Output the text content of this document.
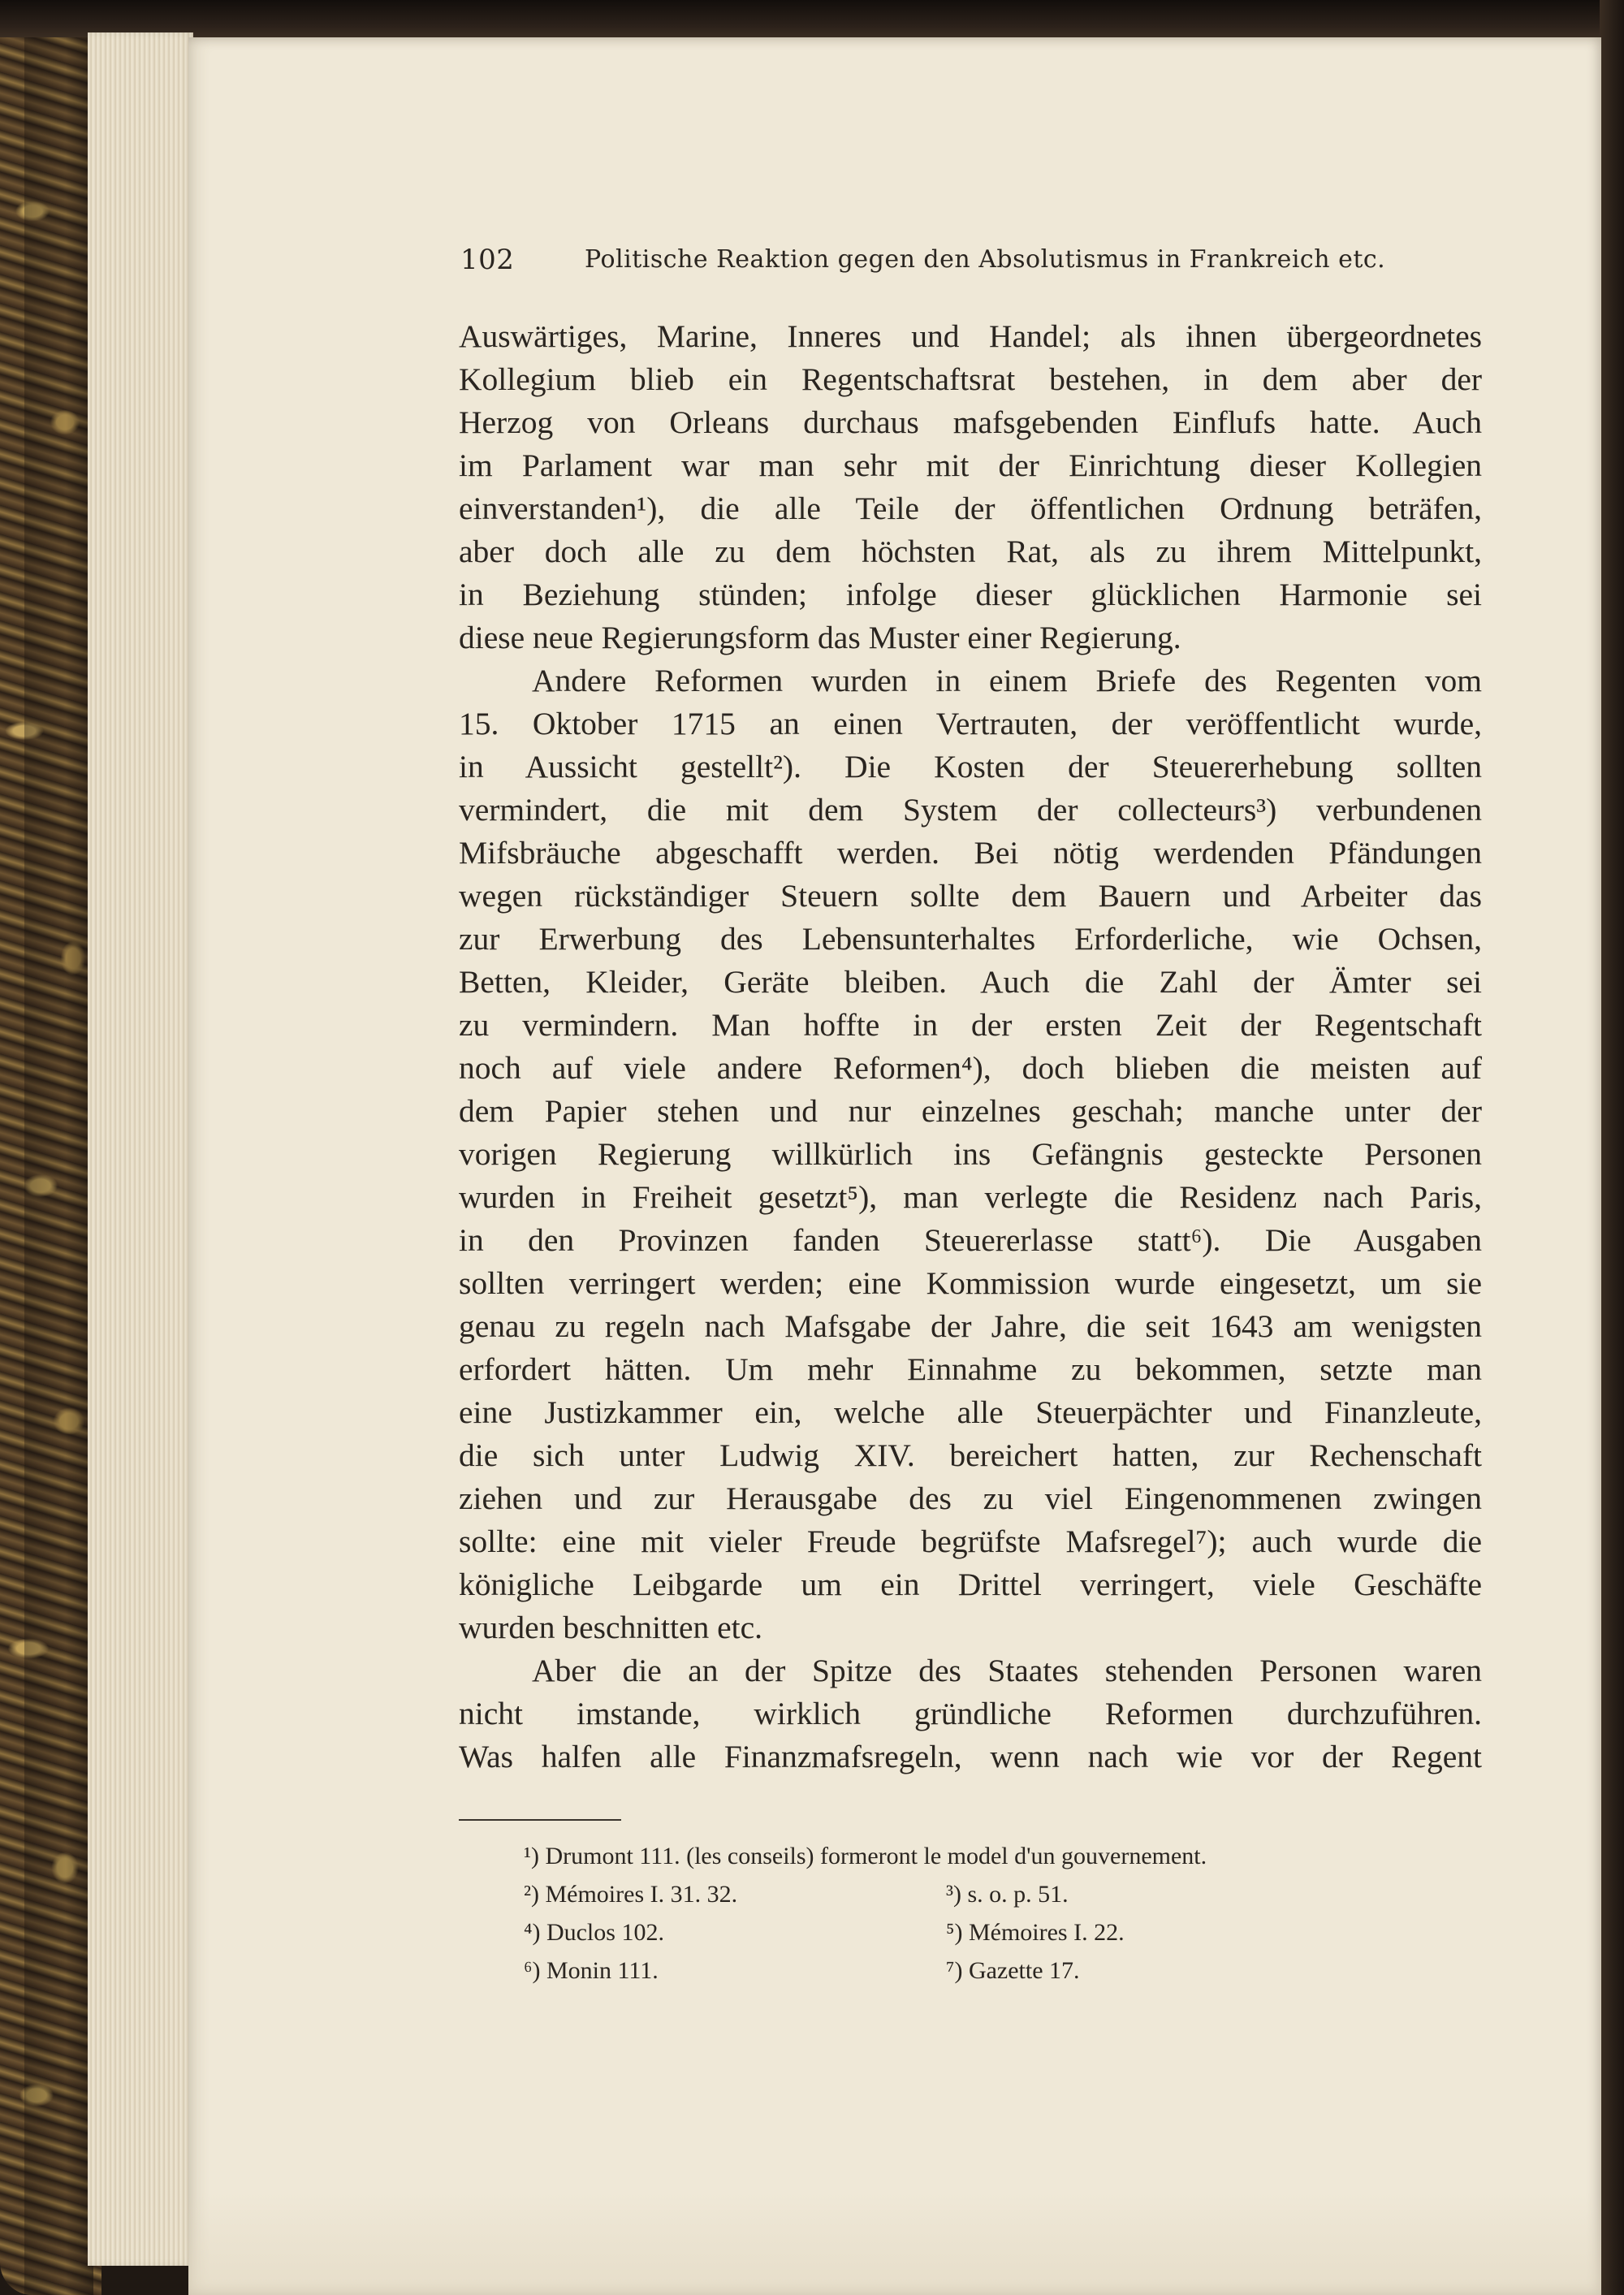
102	Politische Reaktion gegen den Absolutismus in Frankreich etc.
Auswärtiges, Marine, Inneres und Handel; als ihnen übergeordnetes
Kollegium blieb ein Regentschaftsrat bestehen, in dem aber der
Herzog von Orleans durchaus mafsgebenden Einflufs hatte. Auch
im Parlament war man sehr mit der Einrichtung dieser Kollegien
einverstanden¹), die alle Teile der öffentlichen Ordnung beträfen,
aber doch alle zu dem höchsten Rat, als zu ihrem Mittelpunkt,
in Beziehung stünden; infolge dieser glücklichen Harmonie sei
diese neue Regierungsform das Muster einer Regierung.
Andere Reformen wurden in einem Briefe des Regenten vom
15. Oktober 1715 an einen Vertrauten, der veröffentlicht wurde,
in Aussicht gestellt²). Die Kosten der Steuererhebung sollten
vermindert, die mit dem System der collecteurs³) verbundenen
Mifsbräuche abgeschafft werden. Bei nötig werdenden Pfändungen
wegen rückständiger Steuern sollte dem Bauern und Arbeiter das
zur Erwerbung des Lebensunterhaltes Erforderliche, wie Ochsen,
Betten, Kleider, Geräte bleiben. Auch die Zahl der Ämter sei
zu vermindern. Man hoffte in der ersten Zeit der Regentschaft
noch auf viele andere Reformen⁴), doch blieben die meisten auf
dem Papier stehen und nur einzelnes geschah; manche unter der
vorigen Regierung willkürlich ins Gefängnis gesteckte Personen
wurden in Freiheit gesetzt⁵), man verlegte die Residenz nach Paris,
in den Provinzen fanden Steuererlasse statt⁶). Die Ausgaben
sollten verringert werden; eine Kommission wurde eingesetzt, um sie
genau zu regeln nach Mafsgabe der Jahre, die seit 1643 am wenigsten
erfordert hätten. Um mehr Einnahme zu bekommen, setzte man
eine Justizkammer ein, welche alle Steuerpächter und Finanzleute,
die sich unter Ludwig XIV. bereichert hatten, zur Rechenschaft
ziehen und zur Herausgabe des zu viel Eingenommenen zwingen
sollte: eine mit vieler Freude begrüfste Mafsregel⁷); auch wurde die
königliche Leibgarde um ein Drittel verringert, viele Geschäfte
wurden beschnitten etc.
Aber die an der Spitze des Staates stehenden Personen waren
nicht imstande, wirklich gründliche Reformen durchzuführen.
Was halfen alle Finanzmafsregeln, wenn nach wie vor der Regent
¹) Drumont 111. (les conseils) formeront le model d'un gouvernement.
²) Mémoires I. 31. 32.	³) s. o. p. 51.
⁴) Duclos 102.	⁵) Mémoires I. 22.
⁶) Monin 111.	⁷) Gazette 17.
